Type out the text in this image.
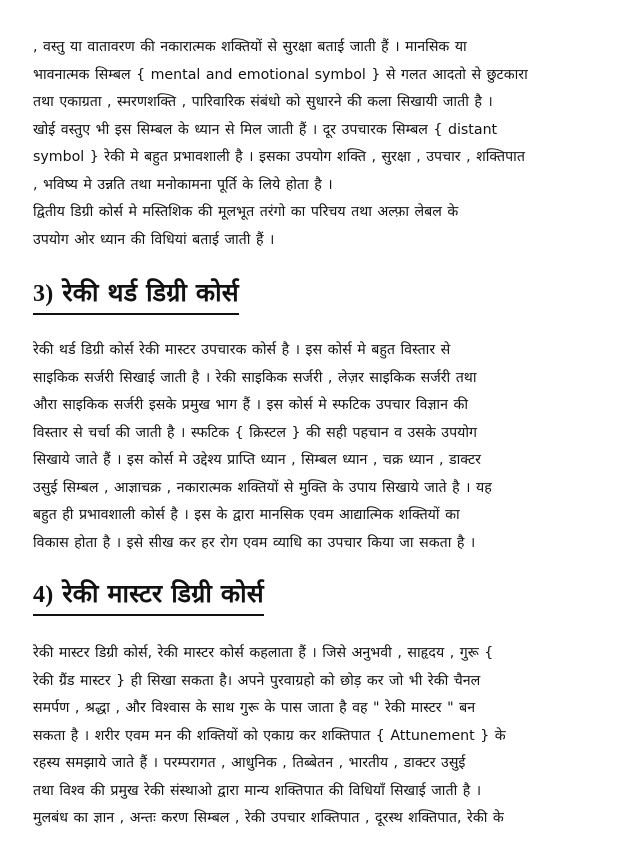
, वस्तु या वातावरण की नकारात्मक शक्तियों से सुरक्षा बताई जाती हैं । मानसिक या
भावनात्मक सिम्बल { mental and emotional symbol } से गलत आदतो से छुटकारा
तथा एकाग्रता , स्मरणशक्ति , पारिवारिक संबंधो को सुधारने की कला सिखायी जाती है ।
खोई वस्तुए भी इस सिम्बल के ध्यान से मिल जाती हैं । दूर उपचारक सिम्बल { distant
symbol } रेकी मे बहुत प्रभावशाली है । इसका उपयोग शक्ति , सुरक्षा , उपचार , शक्तिपात
, भविष्य मे उन्नति तथा मनोकामना पूर्ति के लिये होता है ।
द्वितीय डिग्री कोर्स मे मस्तिशिक की मूलभूत तरंगो का परिचय तथा अल्फ़ा लेबल के
उपयोग ओर ध्यान की विधियां बताई जाती हैं ।
3) रेकी थर्ड डिग्री कोर्स
रेकी थर्ड डिग्री कोर्स रेकी मास्टर उपचारक कोर्स है । इस कोर्स मे बहुत विस्तार से
साइकिक सर्जरी सिखाई जाती है । रेकी साइकिक सर्जरी , लेज़र साइकिक सर्जरी तथा
औरा साइकिक सर्जरी इसके प्रमुख भाग हैं । इस कोर्स मे स्फटिक उपचार विज्ञान की
विस्तार से चर्चा की जाती है । स्फटिक { क्रिस्टल } की सही पहचान व उसके उपयोग
सिखाये जाते हैं । इस कोर्स मे उद्देश्य प्राप्ति ध्यान , सिम्बल ध्यान , चक्र ध्यान , डाक्टर
उसुई सिम्बल , आज्ञाचक्र , नकारात्मक शक्तियों से मुक्ति के उपाय सिखाये जाते है । यह
बहुत ही प्रभावशाली कोर्स है । इस के द्वारा मानसिक एवम आद्यात्मिक शक्तियों का
विकास होता है । इसे सीख कर हर रोग एवम व्याधि का उपचार किया जा सकता है ।
4) रेकी मास्टर डिग्री कोर्स
रेकी मास्टर डिग्री कोर्स, रेकी मास्टर कोर्स कहलाता हैं । जिसे अनुभवी , साहृदय , गुरू {
रेकी ग्रैंड मास्टर } ही सिखा सकता है। अपने पुरवाग्रहो को छोड़ कर जो भी रेकी चैनल
समर्पण , श्रद्धा , और विश्वास के साथ गुरू के पास जाता है वह " रेकी मास्टर " बन
सकता है । शरीर एवम मन की शक्तियों को एकाग्र कर शक्तिपात { Attunement } के
रहस्य समझाये जाते हैं । परम्परागत , आधुनिक , तिब्बेतन , भारतीय , डाक्टर उसुई
तथा विश्व की प्रमुख रेकी संस्थाओ द्वारा मान्य शक्तिपात की विधियाँ सिखाई जाती है ।
मुलबंध का ज्ञान , अन्तः करण सिम्बल , रेकी उपचार शक्तिपात , दूरस्थ शक्तिपात, रेकी के
